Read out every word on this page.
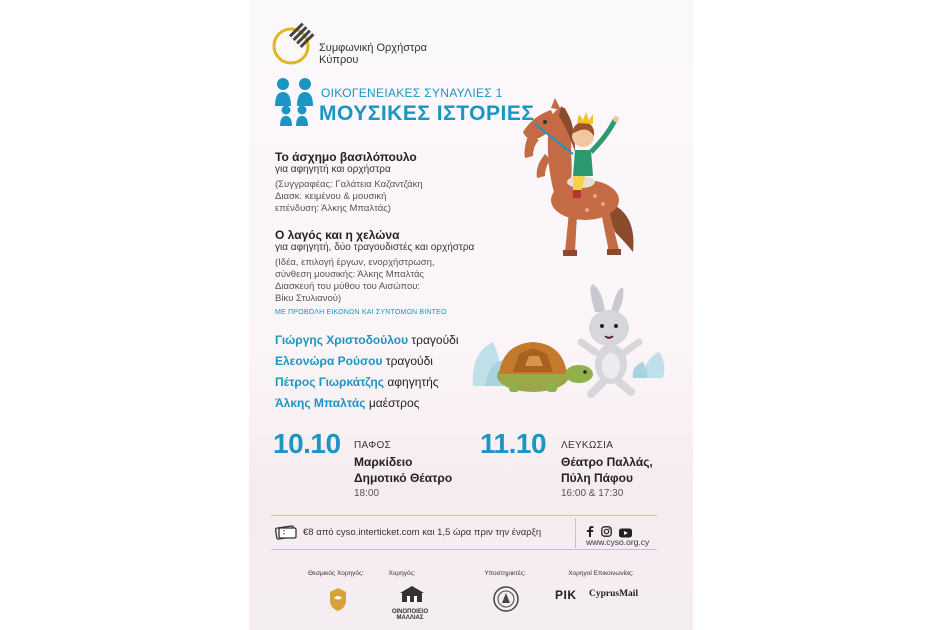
Συμφωνική Ορχήστρα
Κύπρου
ΟΙΚΟΓΕΝΕΙΑΚΕΣ ΣΥΝΑΥΛΙΕΣ 1
ΜΟΥΣΙΚΕΣ ΙΣΤΟΡΙΕΣ
Το άσχημο βασιλόπουλο
για αφηγητή και ορχήστρα
(Συγγραφέας: Γαλάτεια Καζαντζάκη
Διασκ. κειμένου & μουσική
επένδυση: Άλκης Μπαλτάς)
Ο λαγός και η χελώνα
για αφηγητή, δύο τραγουδιστές και ορχήστρα
(Ιδέα, επιλογή έργων, ενορχήστρωση,
σύνθεση μουσικής: Άλκης Μπαλτάς
Διασκευή του μύθου του Αισώπου:
Βίκυ Στυλιανού)
ΜΕ ΠΡΟΒΟΛΗ ΕΙΚΟΝΩΝ ΚΑΙ ΣΥΝΤΟΜΩΝ ΒΙΝΤΕΟ
Γιώργης Χριστοδούλου τραγούδι
Ελεονώρα Ρούσου τραγούδι
Πέτρος Γιωρκάτζης αφηγητής
Άλκης Μπαλτάς μαέστρος
10.10 ΠΑΦΟΣ
Μαρκίδειο
Δημοτικό Θέατρο
18:00
11.10 ΛΕΥΚΩΣΙΑ
Θέατρο Παλλάς,
Πύλη Πάφου
16:00 & 17:30
€8 από cyso.interticket.com και 1,5 ώρα πριν την έναρξη

www.cyso.org.cy
Θεσμικός Χορηγός:	Χορηγός:	Υποστηρικτές:	Χορηγοί Επικοινωνίας:
ΟΙΝΟΠΟΙΕΙΟ ΜΑΛΛΙΑΣ
ΡΙΚ CyprusMail
